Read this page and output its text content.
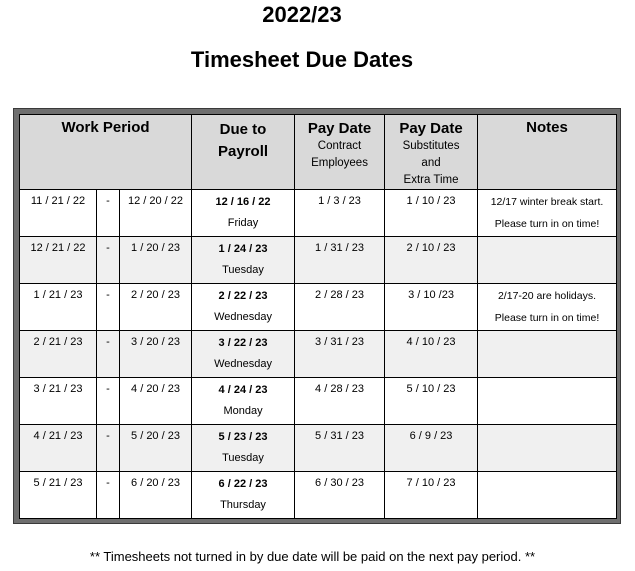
2022/23
Timesheet Due Dates
Work Period			Due to
Payroll	Pay Date
Contract
Employees	Pay Date
Substitutes
and
Extra Time	Notes
11 / 21 / 22	-	12 / 20 / 22	12 / 16 / 22
Friday	1 / 3 / 23	1 / 10 / 23	12/17 winter break start.
Please turn in on time!

12 / 21 / 22	-	1 / 20 / 23	1 / 24 / 23
Tuesday	1 / 31 / 23	2 / 10 / 23	

1 / 21 / 23	-	2 / 20 / 23	2 / 22 / 23
Wednesday	2 / 28 / 23	3 / 10 /23	2/17-20 are holidays.
Please turn in on time!

2 / 21 / 23	-	3 / 20 / 23	3 / 22 / 23
Wednesday	3 / 31 / 23	4 / 10 / 23	

3 / 21 / 23	-	4 / 20 / 23	4 / 24 / 23
Monday	4 / 28 / 23	5 / 10 / 23	

4 / 21 / 23	-	5 / 20 / 23	5 / 23 / 23
Tuesday	5 / 31 / 23	6 / 9 / 23	

5 / 21 / 23	-	6 / 20 / 23	6 / 22 / 23
Thursday	6 / 30 / 23	7 / 10 / 23	
** Timesheets not turned in by due date will be paid on the next pay period. **
